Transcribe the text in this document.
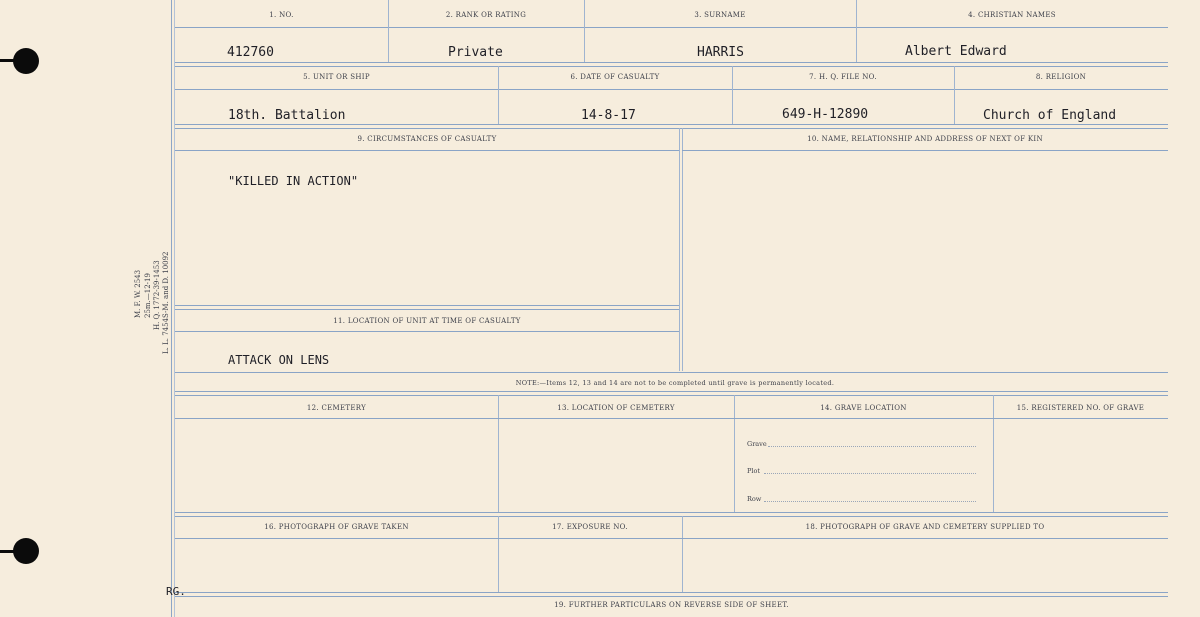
M. F. W. 2543 25m.—12-19 H. Q. 1772-39-1453 L. L. 7454S-M. and D. 10092
1. NO.	2. RANK OR RATING	3. SURNAME	4. CHRISTIAN NAMES
412760	Private	HARRIS	Albert Edward
5. UNIT OR SHIP	6. DATE OF CASUALTY	7. H. Q. FILE NO.	8. RELIGION
18th. Battalion	14-8-17	649-H-12890	Church of England
9. CIRCUMSTANCES OF CASUALTY	10. NAME, RELATIONSHIP AND ADDRESS OF NEXT OF KIN
"KILLED IN ACTION"
11. LOCATION OF UNIT AT TIME OF CASUALTY
ATTACK ON LENS
NOTE:—Items 12, 13 and 14 are not to be completed until grave is permanently located.
12. CEMETERY	13. LOCATION OF CEMETERY	14. GRAVE LOCATION	15. REGISTERED NO. OF GRAVE
Grave
Plot
Row
16. PHOTOGRAPH OF GRAVE TAKEN	17. EXPOSURE NO.	18. PHOTOGRAPH OF GRAVE AND CEMETERY SUPPLIED TO
RG.
19. FURTHER PARTICULARS ON REVERSE SIDE OF SHEET.
